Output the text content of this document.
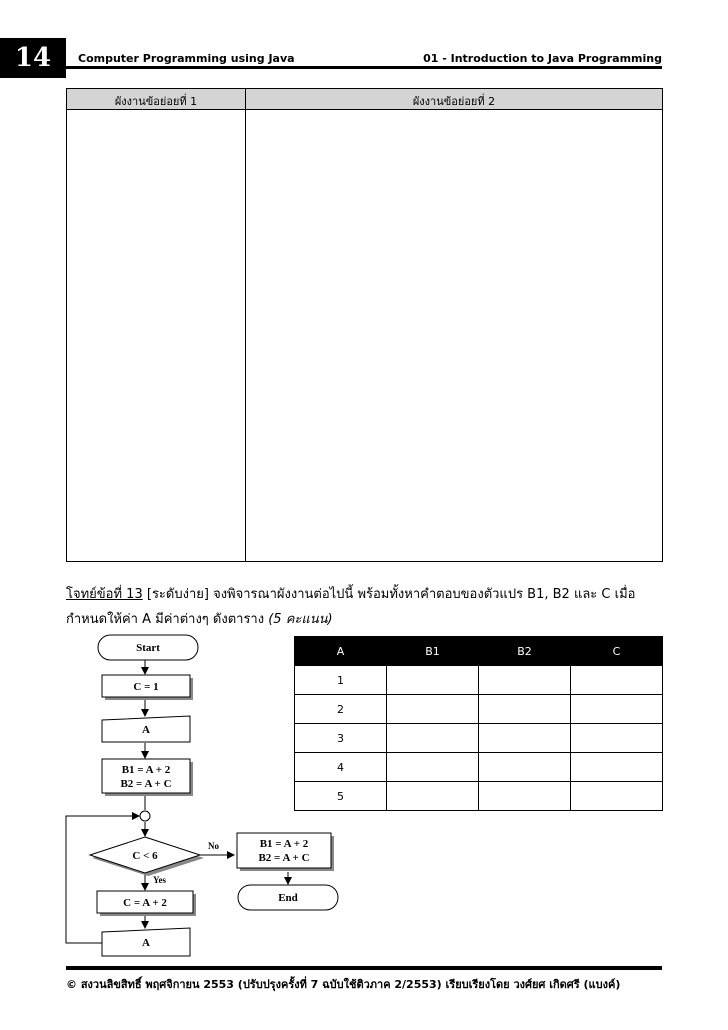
14	Computer Programming using Java	01 - Introduction to Java Programming
ผังงานข้อย่อยที่ 1	ผังงานข้อย่อยที่ 2
โจทย์ข้อที่ 13 [ระดับง่าย] จงพิจารณาผังงานต่อไปนี้ พร้อมทั้งหาคำตอบของตัวแปร B1, B2 และ C เมื่อ
กำหนดให้ค่า A มีค่าต่างๆ ดังตาราง (5 คะแนน)
Start
C = 1
A
B1 = A + 2
B2 = A + C
C < 6
No
Yes
B1 = A + 2
B2 = A + C
End
C = A + 2
A
A	B1	B2	C
1			
2			
3			
4			
5			
© สงวนลิขสิทธิ์ พฤศจิกายน 2553 (ปรับปรุงครั้งที่ 7 ฉบับใช้ติวภาค 2/2553) เรียบเรียงโดย วงศ์ยศ เกิดศรี (แบงค์)
